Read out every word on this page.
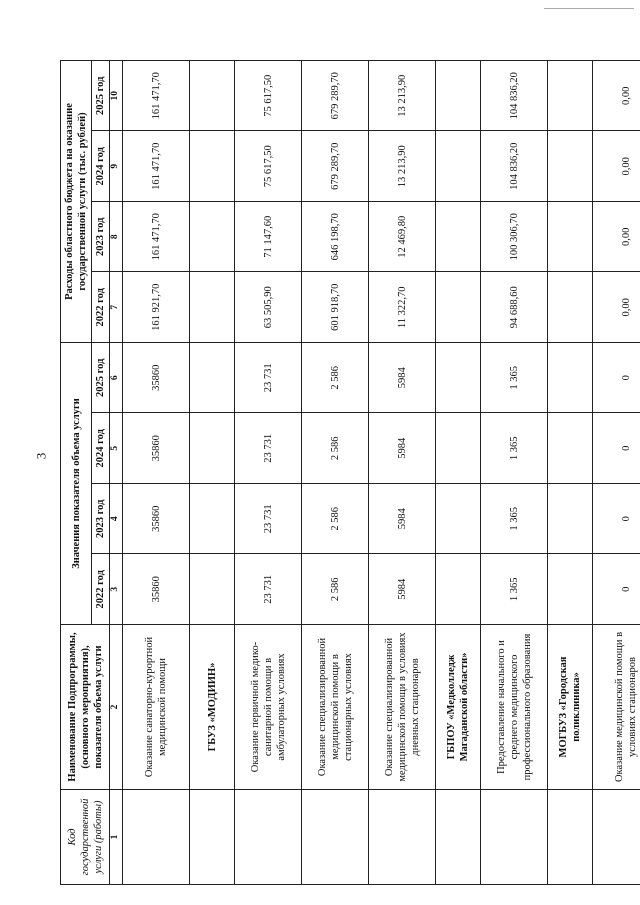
3
Код государственной услуги (работы)	Наименование Подпрограммы, (основного мероприятия), показателя объема услуги	Значения показателя объема услуги				Расходы областного бюджета на оказание государственной услуги (тыс. рублей)			
		2022 год	2023 год	2024 год	2025 год	2022 год	2023 год	2024 год	2025 год
1	2	3	4	5	6	7	8	9	10
	Оказание санаторно-курортной медицинской помощи	35860	35860	35860	35860	161 921,70	161 471,70	161 471,70	161 471,70
	ГБУЗ «МОДИИН»								
	Оказание первичной медико-санитарной помощи в амбулаторных условиях	23 731	23 731	23 731	23 731	63 505,90	71 147,60	75 617,50	75 617,50
	Оказание специализированной медицинской помощи в стационарных условиях	2 586	2 586	2 586	2 586	601 918,70	646 198,70	679 289,70	679 289,70
	Оказание специализированной медицинской помощи в условиях дневных стационаров	5984	5984	5984	5984	11 322,70	12 469,80	13 213,90	13 213,90
	ГБПОУ «Медколледж Магаданской области»								
	Предоставление начального и среднего медицинского профессионального образования	1 365	1 365	1 365	1 365	94 688,60	100 306,70	104 836,20	104 836,20
	МОГБУЗ «Городская поликлиника»								
	Оказание медицинской помощи в условиях стационаров	0	0	0	0	0,00	0,00	0,00	0,00
